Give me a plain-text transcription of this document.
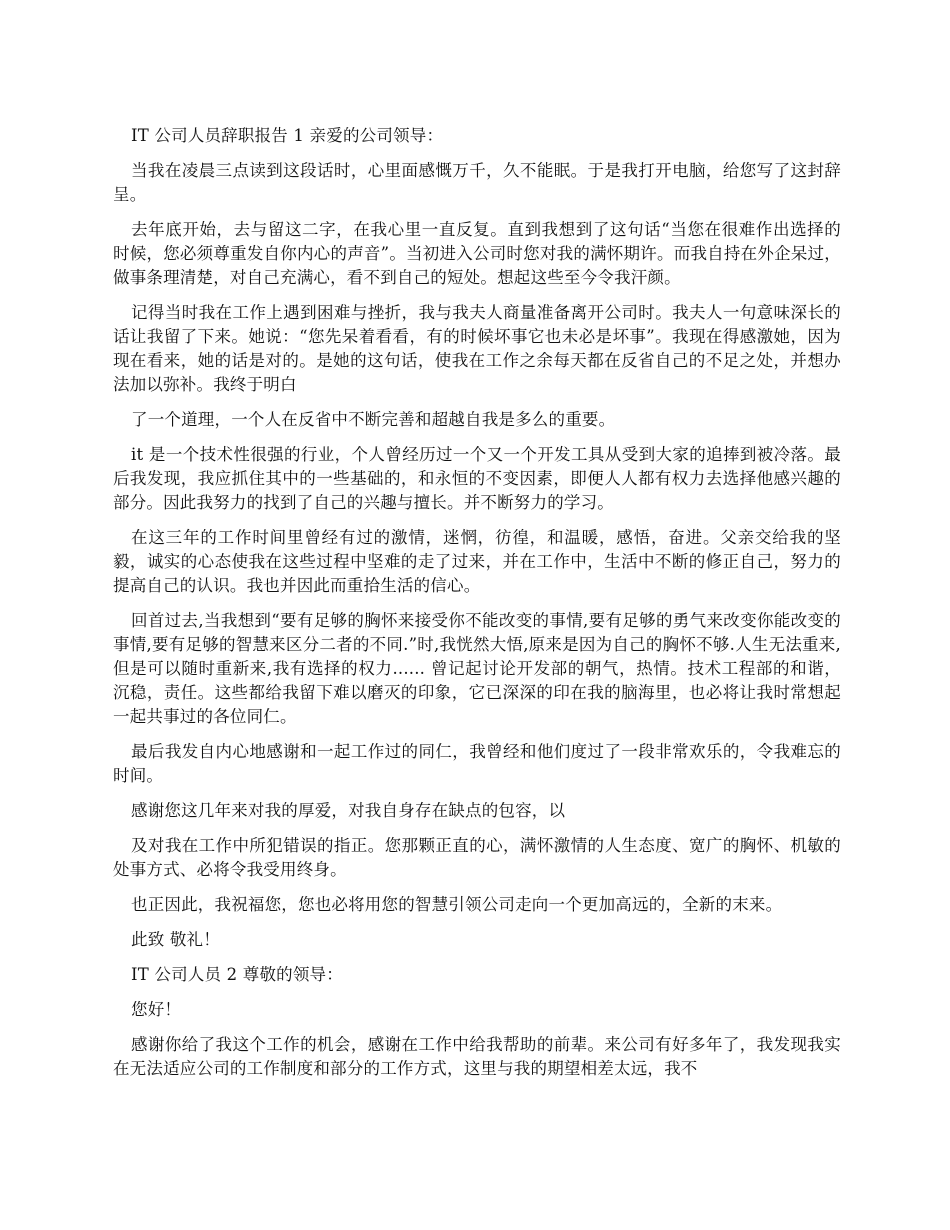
IT 公司人员辞职报告 1 亲爱的公司领导：

当我在凌晨三点读到这段话时，心里面感慨万千，久不能眠。于是我打开电脑，给您写了这封辞呈。

去年底开始，去与留这二字，在我心里一直反复。直到我想到了这句话“当您在很难作出选择的时候，您必须尊重发自你内心的声音”。当初进入公司时您对我的满怀期许。而我自持在外企呆过，做事条理清楚，对自己充满心，看不到自己的短处。想起这些至今令我汗颜。

记得当时我在工作上遇到困难与挫折，我与我夫人商量准备离开公司时。我夫人一句意味深长的话让我留了下来。她说：“您先呆着看看，有的时候坏事它也未必是坏事”。我现在得感激她，因为现在看来，她的话是对的。是她的这句话，使我在工作之余每天都在反省自己的不足之处，并想办法加以弥补。我终于明白

了一个道理，一个人在反省中不断完善和超越自我是多么的重要。

it 是一个技术性很强的行业，个人曾经历过一个又一个开发工具从受到大家的追捧到被冷落。最后我发现，我应抓住其中的一些基础的，和永恒的不变因素，即便人人都有权力去选择他感兴趣的部分。因此我努力的找到了自己的兴趣与擅长。并不断努力的学习。

在这三年的工作时间里曾经有过的激情，迷惘，彷徨，和温暖，感悟，奋进。父亲交给我的坚毅，诚实的心态使我在这些过程中坚难的走了过来，并在工作中，生活中不断的修正自己，努力的提高自己的认识。我也并因此而重拾生活的信心。

回首过去,当我想到“要有足够的胸怀来接受你不能改变的事情,要有足够的勇气来改变你能改变的事情,要有足够的智慧来区分二者的不同.”时,我恍然大悟,原来是因为自己的胸怀不够.人生无法重来,但是可以随时重新来,我有选择的权力...... 曾记起讨论开发部的朝气，热情。技术工程部的和谐，沉稳，责任。这些都给我留下难以磨灭的印象，它已深深的印在我的脑海里，也必将让我时常想起一起共事过的各位同仁。

最后我发自内心地感谢和一起工作过的同仁，我曾经和他们度过了一段非常欢乐的，令我难忘的时间。

感谢您这几年来对我的厚爱，对我自身存在缺点的包容，以

及对我在工作中所犯错误的指正。您那颗正直的心，满怀激情的人生态度、宽广的胸怀、机敏的处事方式、必将令我受用终身。

也正因此，我祝福您，您也必将用您的智慧引领公司走向一个更加高远的，全新的末来。

此致 敬礼！

IT 公司人员 2 尊敬的领导：

您好！

感谢你给了我这个工作的机会，感谢在工作中给我帮助的前辈。来公司有好多年了，我发现我实在无法适应公司的工作制度和部分的工作方式，这里与我的期望相差太远，我不
